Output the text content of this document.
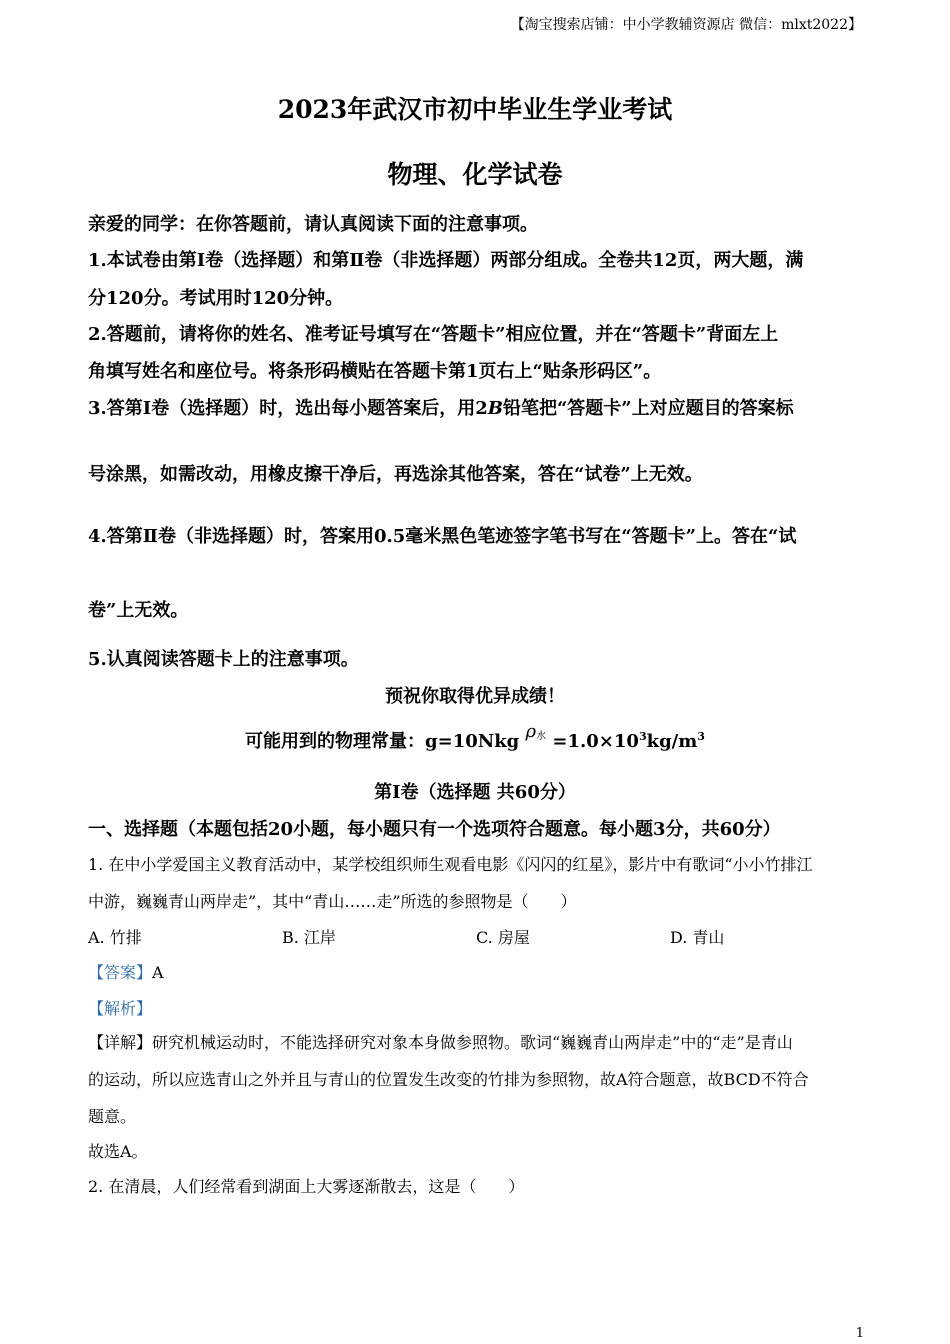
【淘宝搜索店铺：中小学教辅资源店 微信：mlxt2022】
2023年武汉市初中毕业生学业考试
物理、化学试卷
亲爱的同学：在你答题前，请认真阅读下面的注意事项。
1.本试卷由第Ⅰ卷（选择题）和第Ⅱ卷（非选择题）两部分组成。全卷共12页，两大题，满
分120分。考试用时120分钟。
2.答题前，请将你的姓名、准考证号填写在“答题卡”相应位置，并在“答题卡”背面左上
角填写姓名和座位号。将条形码横贴在答题卡第1页右上“贴条形码区”。
3.答第Ⅰ卷（选择题）时，选出每小题答案后，用2B铅笔把“答题卡”上对应题目的答案标
号涂黑，如需改动，用橡皮擦干净后，再选涂其他答案，答在“试卷”上无效。
4.答第Ⅱ卷（非选择题）时，答案用0.5毫米黑色笔迹签字笔书写在“答题卡”上。答在“试
卷”上无效。
5.认真阅读答题卡上的注意事项。
预祝你取得优异成绩！
可能用到的物理常量：g=10Nkg $\rho^水 =1.0\times 10^3kg/m^3$
第Ⅰ卷（选择题 共60分）
一、选择题（本题包括20小题，每小题只有一个选项符合题意。每小题3分，共60分）
1. 在中小学爱国主义教育活动中，某学校组织师生观看电影《闪闪的红星》，影片中有歌词“小小竹排江
中游，巍巍青山两岸走”，其中“青山……走”所选的参照物是（　　）
A. 竹排	B. 江岸	C. 房屋	D. 青山
【答案】A
【解析】
【详解】研究机械运动时，不能选择研究对象本身做参照物。歌词“巍巍青山两岸走”中的“走”是青山
的运动，所以应选青山之外并且与青山的位置发生改变的竹排为参照物，故A符合题意，故BCD不符合
题意。
故选A。
2. 在清晨，人们经常看到湖面上大雾逐渐散去，这是（　　）
1
